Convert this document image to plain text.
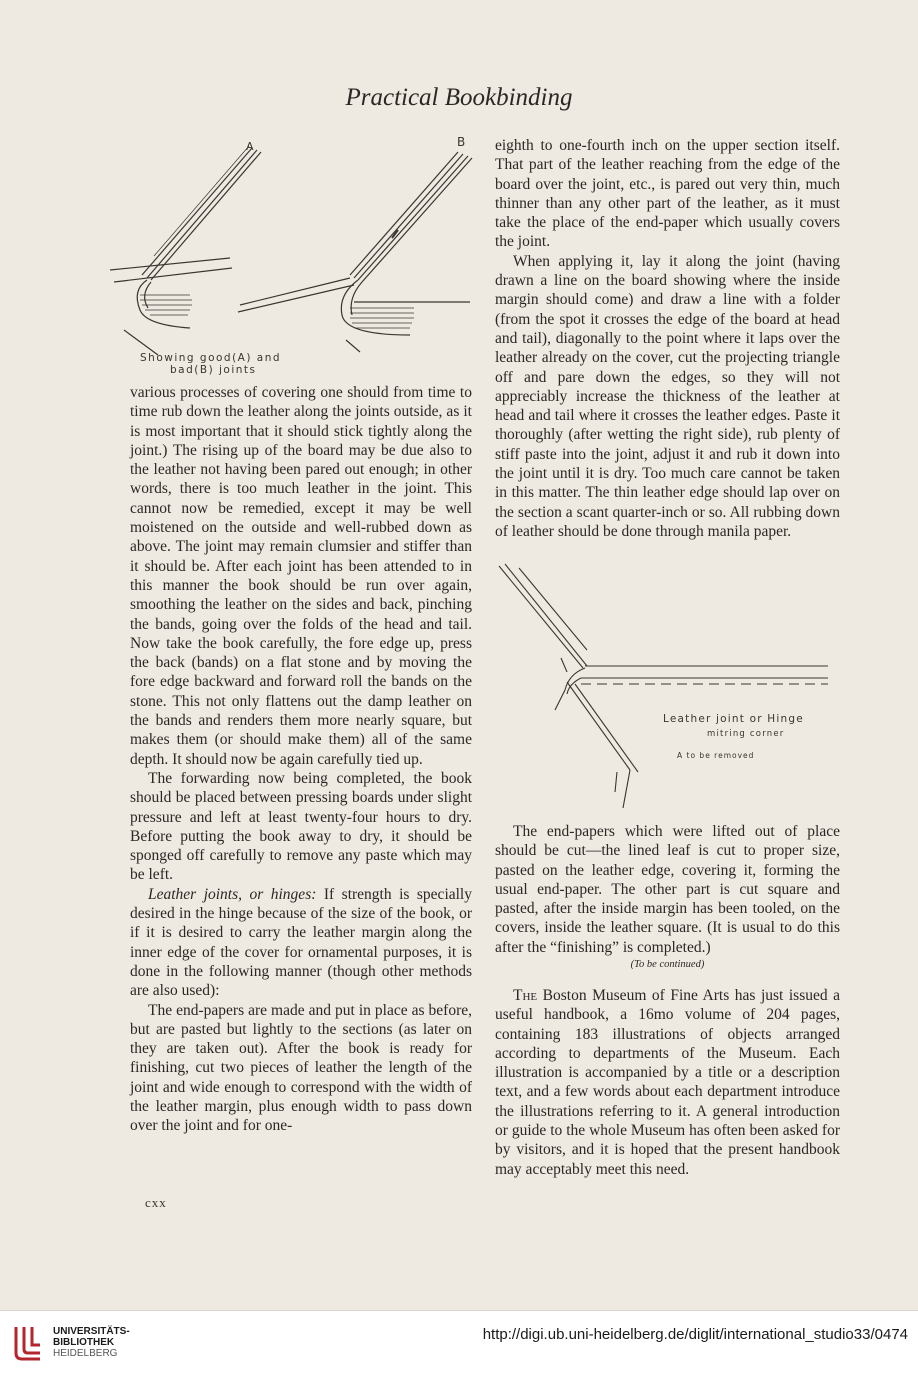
Practical Bookbinding
A	B
Showing good(A) and
bad(B) joints

various processes of covering one should from time to time rub down the leather along the joints outside, as it is most important that it should stick tightly along the joint.) The rising up of the board may be due also to the leather not having been pared out enough; in other words, there is too much leather in the joint. This cannot now be remedied, except it may be well moistened on the outside and well-rubbed down as above. The joint may remain clumsier and stiffer than it should be. After each joint has been attended to in this manner the book should be run over again, smoothing the leather on the sides and back, pinching the bands, going over the folds of the head and tail. Now take the book carefully, the fore edge up, press the back (bands) on a flat stone and by moving the fore edge backward and forward roll the bands on the stone. This not only flattens out the damp leather on the bands and renders them more nearly square, but makes them (or should make them) all of the same depth. It should now be again carefully tied up.

The forwarding now being completed, the book should be placed between pressing boards under slight pressure and left at least twenty-four hours to dry. Before putting the book away to dry, it should be sponged off carefully to remove any paste which may be left.

Leather joints, or hinges: If strength is specially desired in the hinge because of the size of the book, or if it is desired to carry the leather margin along the inner edge of the cover for ornamental purposes, it is done in the following manner (though other methods are also used):

The end-papers are made and put in place as before, but are pasted but lightly to the sections (as later on they are taken out). After the book is ready for finishing, cut two pieces of leather the length of the joint and wide enough to correspond with the width of the leather margin, plus enough width to pass down over the joint and for one-

eighth to one-fourth inch on the upper section itself. That part of the leather reaching from the edge of the board over the joint, etc., is pared out very thin, much thinner than any other part of the leather, as it must take the place of the end-paper which usually covers the joint.

When applying it, lay it along the joint (having drawn a line on the board showing where the inside margin should come) and draw a line with a folder (from the spot it crosses the edge of the board at head and tail), diagonally to the point where it laps over the leather already on the cover, cut the projecting triangle off and pare down the edges, so they will not appreciably increase the thickness of the leather at head and tail where it crosses the leather edges. Paste it thoroughly (after wetting the right side), rub plenty of stiff paste into the joint, adjust it and rub it down into the joint until it is dry. Too much care cannot be taken in this matter. The thin leather edge should lap over on the section a scant quarter-inch or so. All rubbing down of leather should be done through manila paper.

Leather joint or Hinge
mitring corner
A to be removed

The end-papers which were lifted out of place should be cut—the lined leaf is cut to proper size, pasted on the leather edge, covering it, forming the usual end-paper. The other part is cut square and pasted, after the inside margin has been tooled, on the covers, inside the leather square. (It is usual to do this after the “finishing” is completed.)

(To be continued)

The Boston Museum of Fine Arts has just issued a useful handbook, a 16mo volume of 204 pages, containing 183 illustrations of objects arranged according to departments of the Museum. Each illustration is accompanied by a title or a description text, and a few words about each department introduce the illustrations referring to it. A general introduction or guide to the whole Museum has often been asked for by visitors, and it is hoped that the present handbook may acceptably meet this need.

cxx
UNIVERSITÄTS-
BIBLIOTHEK
HEIDELBERG
http://digi.ub.uni-heidelberg.de/diglit/international_studio33/0474
